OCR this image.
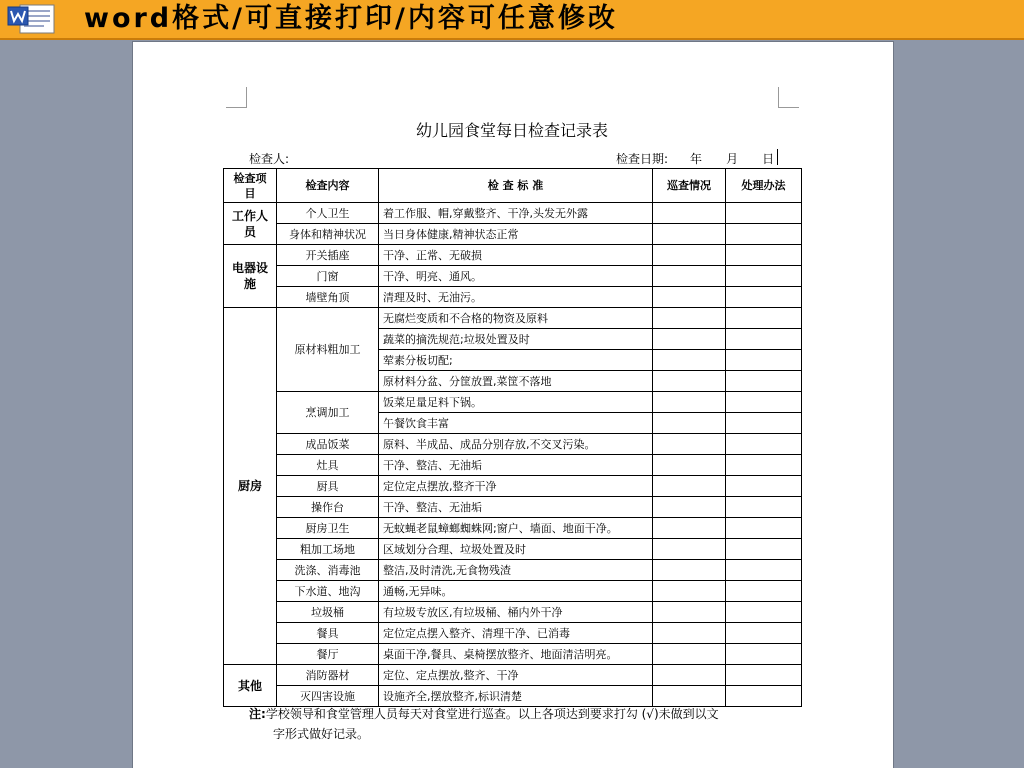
word格式/可直接打印/内容可任意修改
幼儿园食堂每日检查记录表
检查人:	检查日期: 年 月 日
检查项目	检查内容	检 查 标 准	巡查情况	处理办法
工作人员	个人卫生	着工作服、帽,穿戴整齐、干净,头发无外露		
	身体和精神状况	当日身体健康,精神状态正常		
电器设施	开关插座	干净、正常、无破损		
	门窗	干净、明亮、通风。		
	墙壁角顶	清理及时、无油污。		
厨房	原材料粗加工	无腐烂变质和不合格的物资及原料		
		蔬菜的摘洗规范;垃圾处置及时		
		荤素分板切配;		
		原材料分盆、分筐放置,菜筐不落地		
	烹调加工	饭菜足量足料下锅。		
		午餐饮食丰富		
	成品饭菜	原料、半成品、成品分别存放,不交叉污染。		
	灶具	干净、整洁、无油垢		
	厨具	定位定点摆放,整齐干净		
	操作台	干净、整洁、无油垢		
	厨房卫生	无蚊蝇老鼠蟑螂蜘蛛网;窗户、墙面、地面干净。		
	粗加工场地	区域划分合理、垃圾处置及时		
	洗涤、消毒池	整洁,及时清洗,无食物残渣		
	下水道、地沟	通畅,无异味。		
	垃圾桶	有垃圾专放区,有垃圾桶、桶内外干净		
	餐具	定位定点摆入整齐、清理干净、已消毒		
	餐厅	桌面干净,餐具、桌椅摆放整齐、地面清洁明亮。		
其他	消防器材	定位、定点摆放,整齐、干净		
	灭四害设施	设施齐全,摆放整齐,标识清楚		
注:学校领导和食堂管理人员每天对食堂进行巡查。以上各项达到要求打勾 (√)未做到以文
字形式做好记录。
